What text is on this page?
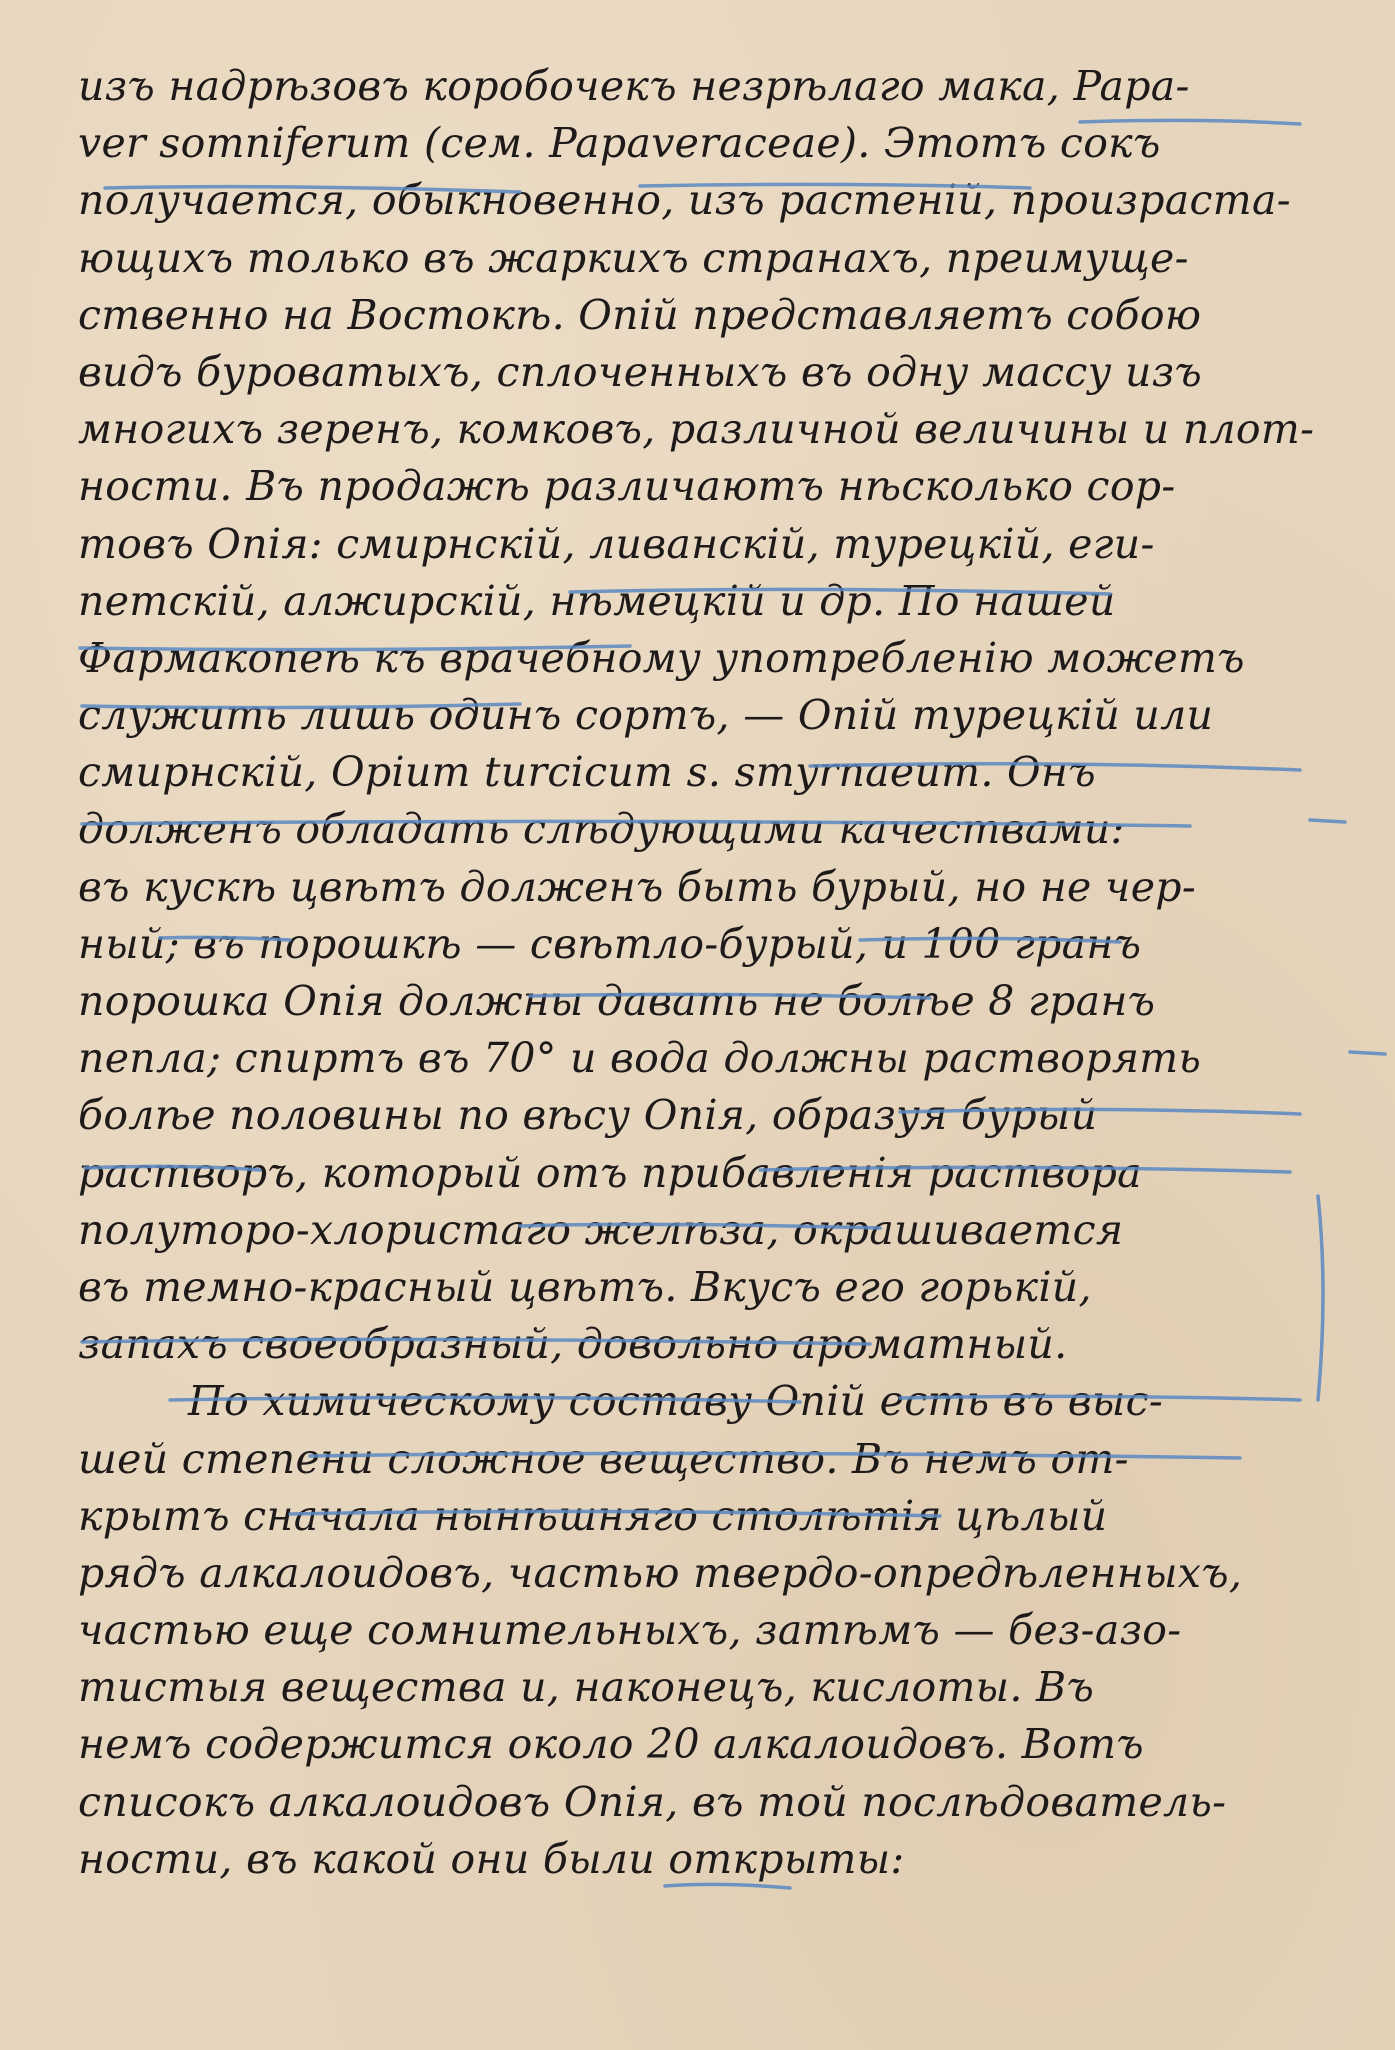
изъ надрѣзовъ коробочекъ незрѣлаго мака, Papa-
ver somniferum (сем. Papaveraceae). Этотъ сокъ
получается, обыкновенно, изъ растеній, произраста-
ющихъ только въ жаркихъ странахъ, преимуще-
ственно на Востокѣ. Опій представляетъ собою
видъ буроватыхъ, сплоченныхъ въ одну массу изъ
многихъ зеренъ, комковъ, различной величины и плот-
ности. Въ продажѣ различаютъ нѣсколько сор-
товъ Опія: смирнскій, ливанскій, турецкій, еги-
петскій, алжирскій, нѣмецкій и др. По нашей
Фармакопеѣ къ врачебному употребленію можетъ
служить лишь одинъ сортъ, — Опій турецкій или
смирнскій, Opium turcicum s. smyrnaeum. Онъ
долженъ обладать слѣдующими качествами:
въ кускѣ цвѣтъ долженъ быть бурый, но не чер-
ный; въ порошкѣ — свѣтло-бурый, и 100 гранъ
порошка Опія должны давать не болѣе 8 гранъ
пепла; спиртъ въ 70° и вода должны растворять
болѣе половины по вѣсу Опія, образуя бурый
растворъ, который отъ прибавленія раствора
полуторо-хлористаго желѣза, окрашивается
въ темно-красный цвѣтъ. Вкусъ его горькій,
запахъ своеобразный, довольно ароматный.
По химическому составу Опій есть въ выс-
шей степени сложное вещество. Въ немъ от-
крытъ сначала нынѣшняго столѣтія цѣлый
рядъ алкалоидовъ, частью твердо-опредѣленныхъ,
частью еще сомнительныхъ, затѣмъ — без-азо-
тистыя вещества и, наконецъ, кислоты. Въ
немъ содержится около 20 алкалоидовъ. Вотъ
списокъ алкалоидовъ Опія, въ той послѣдователь-
ности, въ какой они были открыты:
